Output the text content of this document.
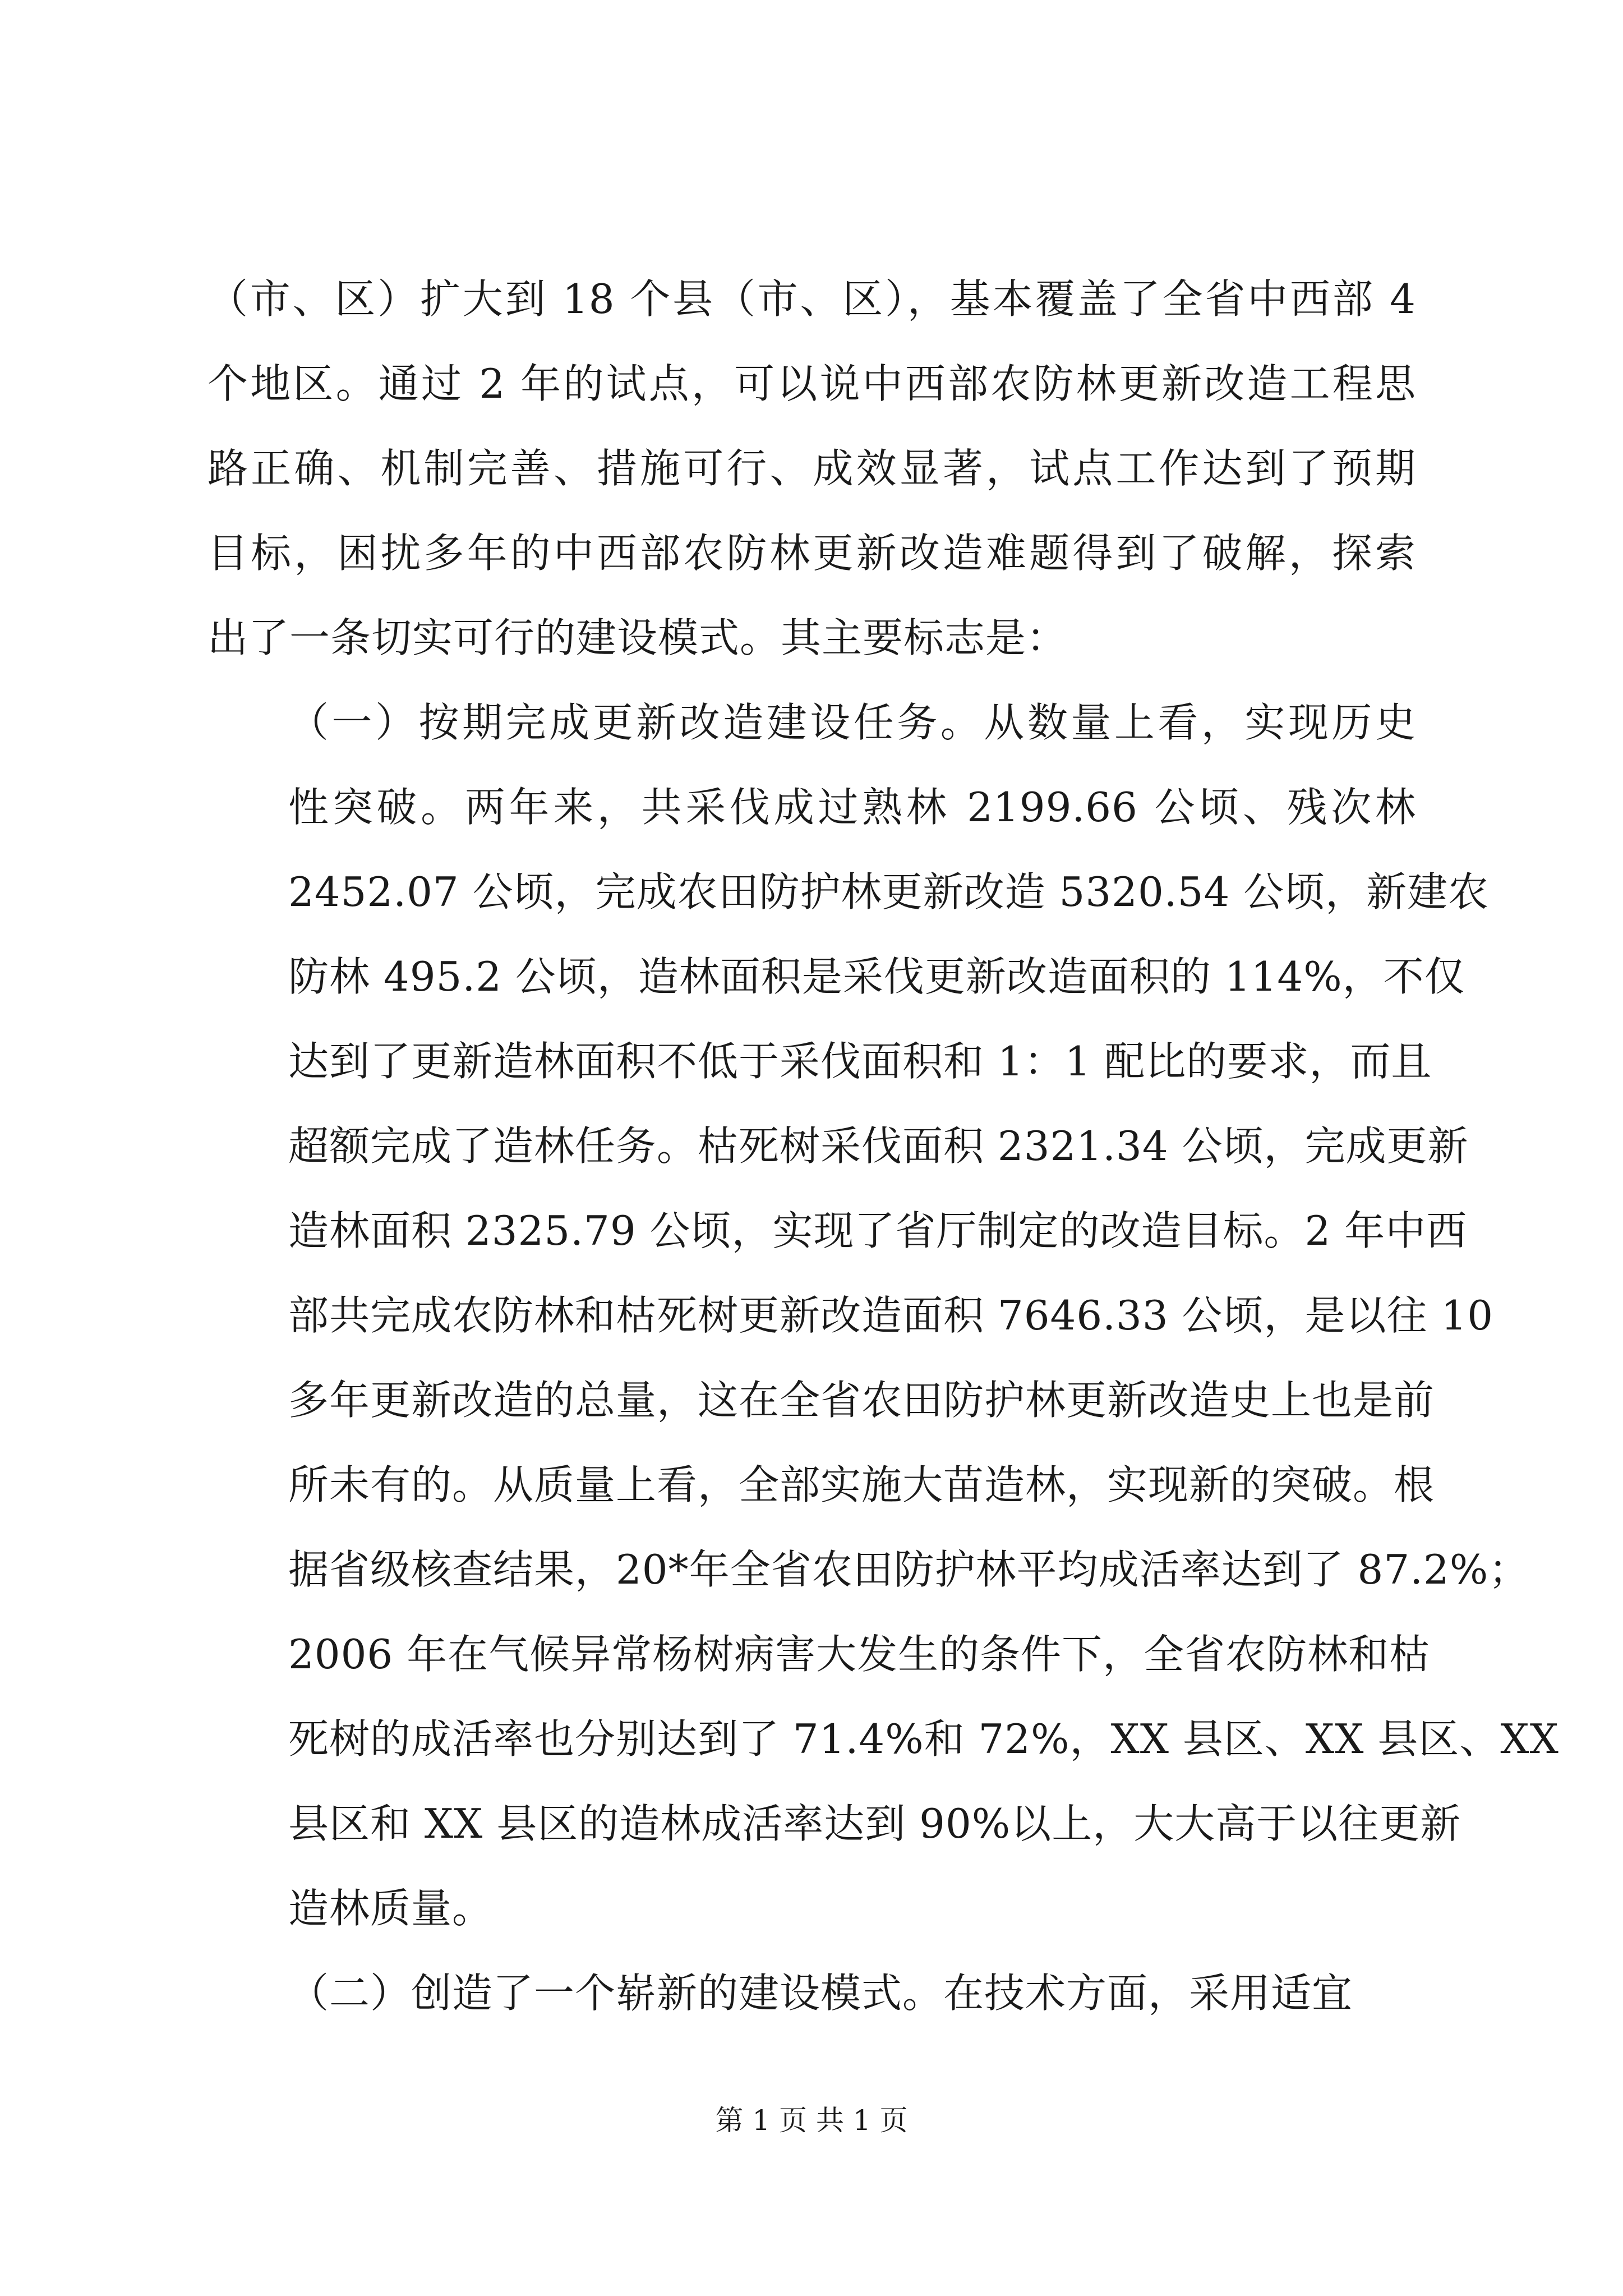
（市、区）扩大到 18 个县（市、区），基本覆盖了全省中西部 4
个地区。通过 2 年的试点，可以说中西部农防林更新改造工程思
路正确、机制完善、措施可行、成效显著，试点工作达到了预期
目标，困扰多年的中西部农防林更新改造难题得到了破解，探索
出了一条切实可行的建设模式。其主要标志是：
（一）按期完成更新改造建设任务。从数量上看，实现历史
性突破。两年来，共采伐成过熟林 2199.66 公顷、残次林
2452.07 公顷，完成农田防护林更新改造 5320.54 公顷，新建农
防林 495.2 公顷，造林面积是采伐更新改造面积的 114%，不仅
达到了更新造林面积不低于采伐面积和 1：1 配比的要求，而且
超额完成了造林任务。枯死树采伐面积 2321.34 公顷，完成更新
造林面积 2325.79 公顷，实现了省厅制定的改造目标。2 年中西
部共完成农防林和枯死树更新改造面积 7646.33 公顷，是以往 10
多年更新改造的总量，这在全省农田防护林更新改造史上也是前
所未有的。从质量上看，全部实施大苗造林，实现新的突破。根
据省级核查结果，20*年全省农田防护林平均成活率达到了 87.2%；
2006 年在气候异常杨树病害大发生的条件下，全省农防林和枯
死树的成活率也分别达到了 71.4%和 72%，XX 县区、XX 县区、XX
县区和 XX 县区的造林成活率达到 90%以上，大大高于以往更新
造林质量。
（二）创造了一个崭新的建设模式。在技术方面，采用适宜
第 1 页 共 1 页
